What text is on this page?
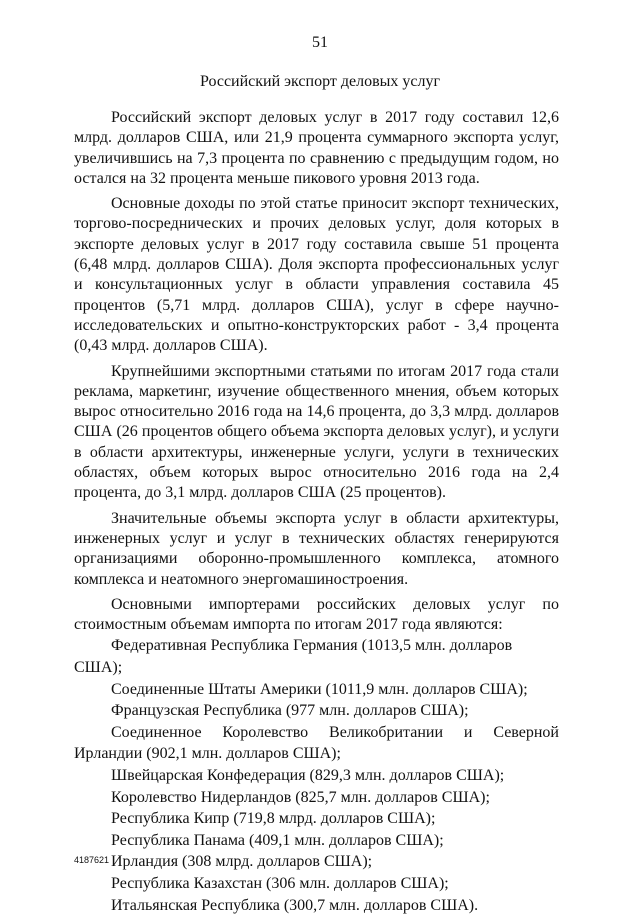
51
Российский экспорт деловых услуг

Российский экспорт деловых услуг в 2017 году составил 12,6 млрд. долларов США, или 21,9 процента суммарного экспорта услуг, увеличившись на 7,3 процента по сравнению с предыдущим годом, но остался на 32 процента меньше пикового уровня 2013 года.

Основные доходы по этой статье приносит экспорт технических, торгово-посреднических и прочих деловых услуг, доля которых в экспорте деловых услуг в 2017 году составила свыше 51 процента (6,48 млрд. долларов США). Доля экспорта профессиональных услуг и консультационных услуг в области управления составила 45 процентов (5,71 млрд. долларов США), услуг в сфере научно-исследовательских и опытно-конструкторских работ - 3,4 процента (0,43 млрд. долларов США).

Крупнейшими экспортными статьями по итогам 2017 года стали реклама, маркетинг, изучение общественного мнения, объем которых вырос относительно 2016 года на 14,6 процента, до 3,3 млрд. долларов США (26 процентов общего объема экспорта деловых услуг), и услуги в области архитектуры, инженерные услуги, услуги в технических областях, объем которых вырос относительно 2016 года на 2,4 процента, до 3,1 млрд. долларов США (25 процентов).

Значительные объемы экспорта услуг в области архитектуры, инженерных услуг и услуг в технических областях генерируются организациями оборонно-промышленного комплекса, атомного комплекса и неатомного энергомашиностроения.

Основными импортерами российских деловых услуг по стоимостным объемам импорта по итогам 2017 года являются:

Федеративная Республика Германия (1013,5 млн. долларов США);
Соединенные Штаты Америки (1011,9 млн. долларов США);
Французская Республика (977 млн. долларов США);
Соединенное Королевство Великобритании и Северной Ирландии (902,1 млн. долларов США);
Швейцарская Конфедерация (829,3 млн. долларов США);
Королевство Нидерландов (825,7 млн. долларов США);
Республика Кипр (719,8 млрд. долларов США);
Республика Панама (409,1 млн. долларов США);
Ирландия (308 млрд. долларов США);
Республика Казахстан (306 млн. долларов США);
Итальянская Республика (300,7 млн. долларов США).
4187621
